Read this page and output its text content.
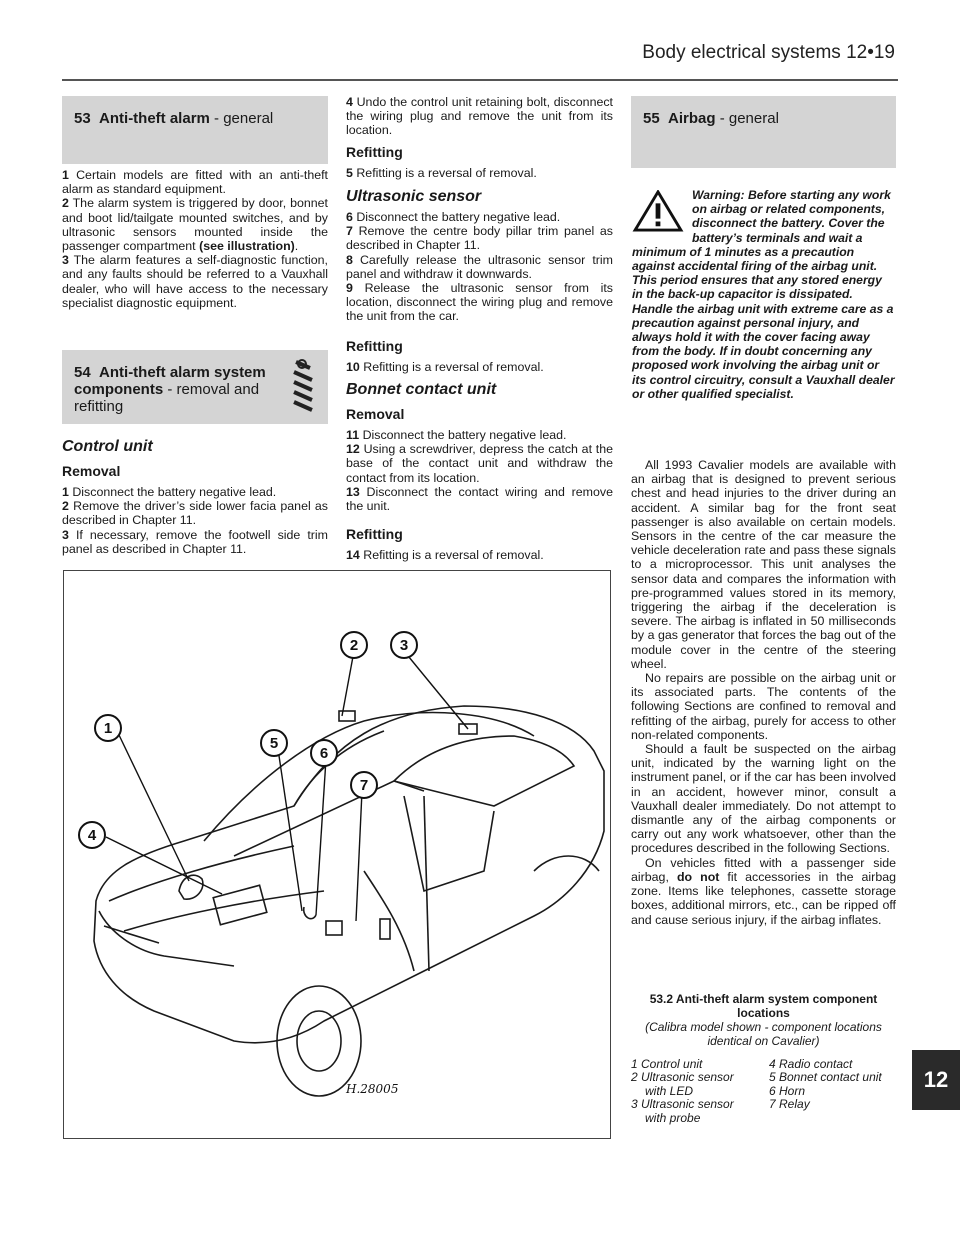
Body electrical systems 12•19
53 Anti-theft alarm - general

1 Certain models are fitted with an anti-theft alarm as standard equipment.

2 The alarm system is triggered by door, bonnet and boot lid/tailgate mounted switches, and by ultrasonic sensors mounted inside the passenger compartment (see illustration).

3 The alarm features a self-diagnostic function, and any faults should be referred to a Vauxhall dealer, who will have access to the necessary specialist diagnostic equipment.

54 Anti-theft alarm system components - removal and refitting
Control unit
Removal

1 Disconnect the battery negative lead.

2 Remove the driver’s side lower facia panel as described in Chapter 11.

3 If necessary, remove the footwell side trim panel as described in Chapter 11.

4 Undo the control unit retaining bolt, disconnect the wiring plug and remove the unit from its location.

Refitting

5 Refitting is a reversal of removal.

Ultrasonic sensor

6 Disconnect the battery negative lead.

7 Remove the centre body pillar trim panel as described in Chapter 11.

8 Carefully release the ultrasonic sensor trim panel and withdraw it downwards.

9 Release the ultrasonic sensor from its location, disconnect the wiring plug and remove the unit from the car.

Refitting

10 Refitting is a reversal of removal.

Bonnet contact unit
Removal

11 Disconnect the battery negative lead.

12 Using a screwdriver, depress the catch at the base of the contact unit and withdraw the contact from its location.

13 Disconnect the contact wiring and remove the unit.

Refitting

14 Refitting is a reversal of removal.

55 Airbag - general
Warning: Before starting any work on airbag or related components, disconnect the battery. Cover the battery’s terminals and wait a minimum of 1 minutes as a precaution against accidental firing of the airbag unit. This period ensures that any stored energy in the back-up capacitor is dissipated. Handle the airbag unit with extreme care as a precaution against personal injury, and always hold it with the cover facing away from the body. If in doubt concerning any proposed work involving the airbag unit or its control circuitry, consult a Vauxhall dealer or other qualified specialist.

All 1993 Cavalier models are available with an airbag that is designed to prevent serious chest and head injuries to the driver during an accident. A similar bag for the front seat passenger is also available on certain models. Sensors in the centre of the car measure the vehicle deceleration rate and pass these signals to a microprocessor. This unit analyses the sensor data and compares the information with pre-programmed values stored in its memory, triggering the airbag if the deceleration is severe. The airbag is inflated in 50 milliseconds by a gas generator that forces the bag out of the module cover in the centre of the steering wheel.

No repairs are possible on the airbag unit or its associated parts. The contents of the following Sections are confined to removal and refitting of the airbag, purely for access to other non-related components.

Should a fault be suspected on the airbag unit, indicated by the warning light on the instrument panel, or if the car has been involved in an accident, however minor, consult a Vauxhall dealer immediately. Do not attempt to dismantle any of the airbag components or carry out any work whatsoever, other than the procedures described in the following Sections.

On vehicles fitted with a passenger side airbag, do not fit accessories in the airbag zone. Items like telephones, cassette storage boxes, additional mirrors, etc., can be ripped off and cause serious injury, if the airbag inflates.

1
2	3
4
5
6
7
H.28005
53.2 Anti-theft alarm system component locations
(Calibra model shown - component locations identical on Cavalier)
1 Control unit
2 Ultrasonic sensor
with LED
3 Ultrasonic sensor
with probe
4 Radio contact
5 Bonnet contact unit
6 Horn
7 Relay
12
